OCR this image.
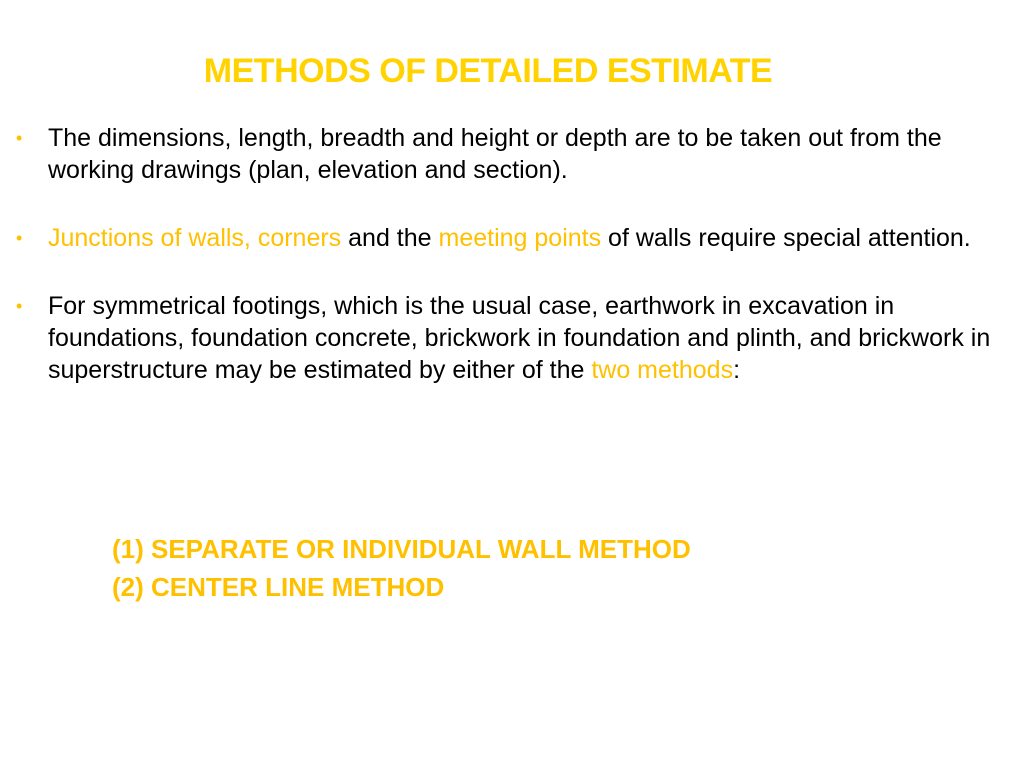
METHODS OF DETAILED ESTIMATE
• The dimensions, length, breadth and height or depth are to be taken out from the working drawings (plan, elevation and section).
• Junctions of walls, corners and the meeting points of walls require special attention.
• For symmetrical footings, which is the usual case, earthwork in excavation in foundations, foundation concrete, brickwork in foundation and plinth, and brickwork in superstructure may be estimated by either of the two methods:
(1) SEPARATE OR INDIVIDUAL WALL METHOD
(2) CENTER LINE METHOD
